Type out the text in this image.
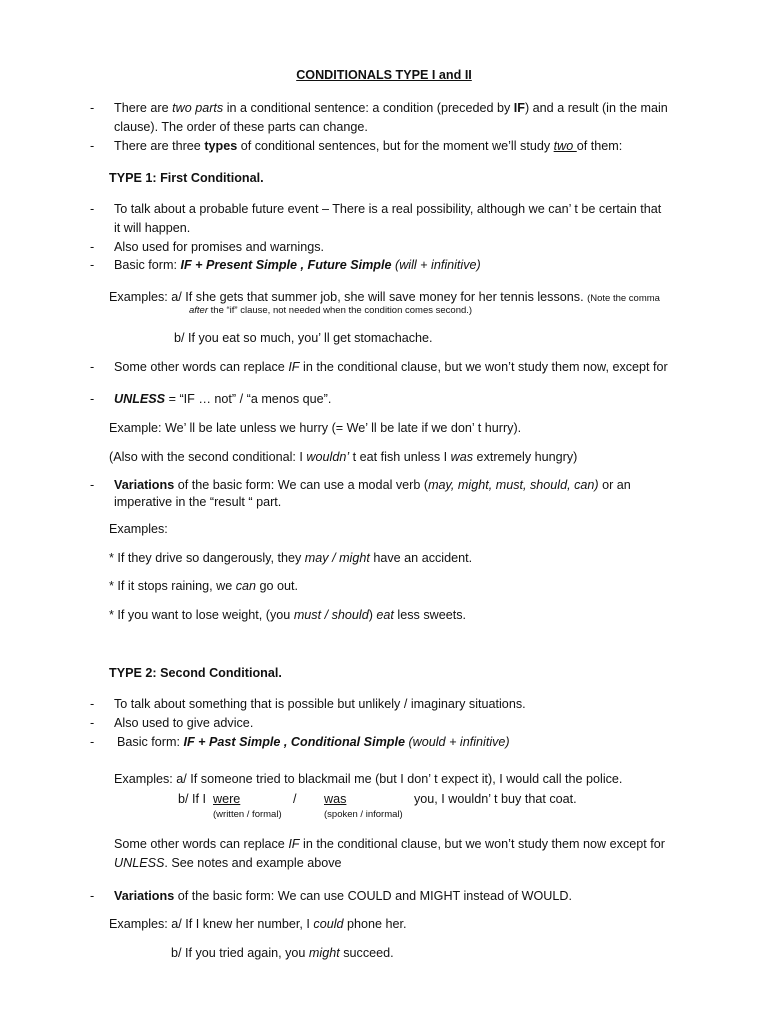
CONDITIONALS TYPE I and II
- There are two parts in a conditional sentence: a condition (preceded by IF) and a result (in the main
clause). The order of these parts can change.
- There are three types of conditional sentences, but for the moment we’ll study two of them:
TYPE 1: First Conditional.
- To talk about a probable future event – There is a real possibility, although we can’ t be certain that
it will happen.
- Also used for promises and warnings.
- Basic form: IF + Present Simple , Future Simple (will + infinitive)
Examples: a/ If she gets that summer job, she will save money for her tennis lessons. (Note the comma
after the “if” clause, not needed when the condition comes second.)
b/ If you eat so much, you’ ll get stomachache.
- Some other words can replace IF in the conditional clause, but we won’t study them now, except for
- UNLESS = “IF … not” / “a menos que”.
Example: We’ ll be late unless we hurry (= We’ ll be late if we don’ t hurry).
(Also with the second conditional: I wouldn’ t eat fish unless I was extremely hungry)
- Variations of the basic form: We can use a modal verb (may, might, must, should, can) or an
imperative in the “result “ part.
Examples:
* If they drive so dangerously, they may / might have an accident.
* If it stops raining, we can go out.
* If you want to lose weight, (you must / should) eat less sweets.
TYPE 2: Second Conditional.
- To talk about something that is possible but unlikely / imaginary situations.
- Also used to give advice.
- Basic form: IF + Past Simple , Conditional Simple (would + infinitive)
Examples: a/ If someone tried to blackmail me (but I don’ t expect it), I would call the police.
b/ If I were	/ was	you, I wouldn’ t buy that coat.
(written / formal)	(spoken / informal)
Some other words can replace IF in the conditional clause, but we won’t study them now except for
UNLESS. See notes and example above
- Variations of the basic form: We can use COULD and MIGHT instead of WOULD.
Examples: a/ If I knew her number, I could phone her.
b/ If you tried again, you might succeed.
